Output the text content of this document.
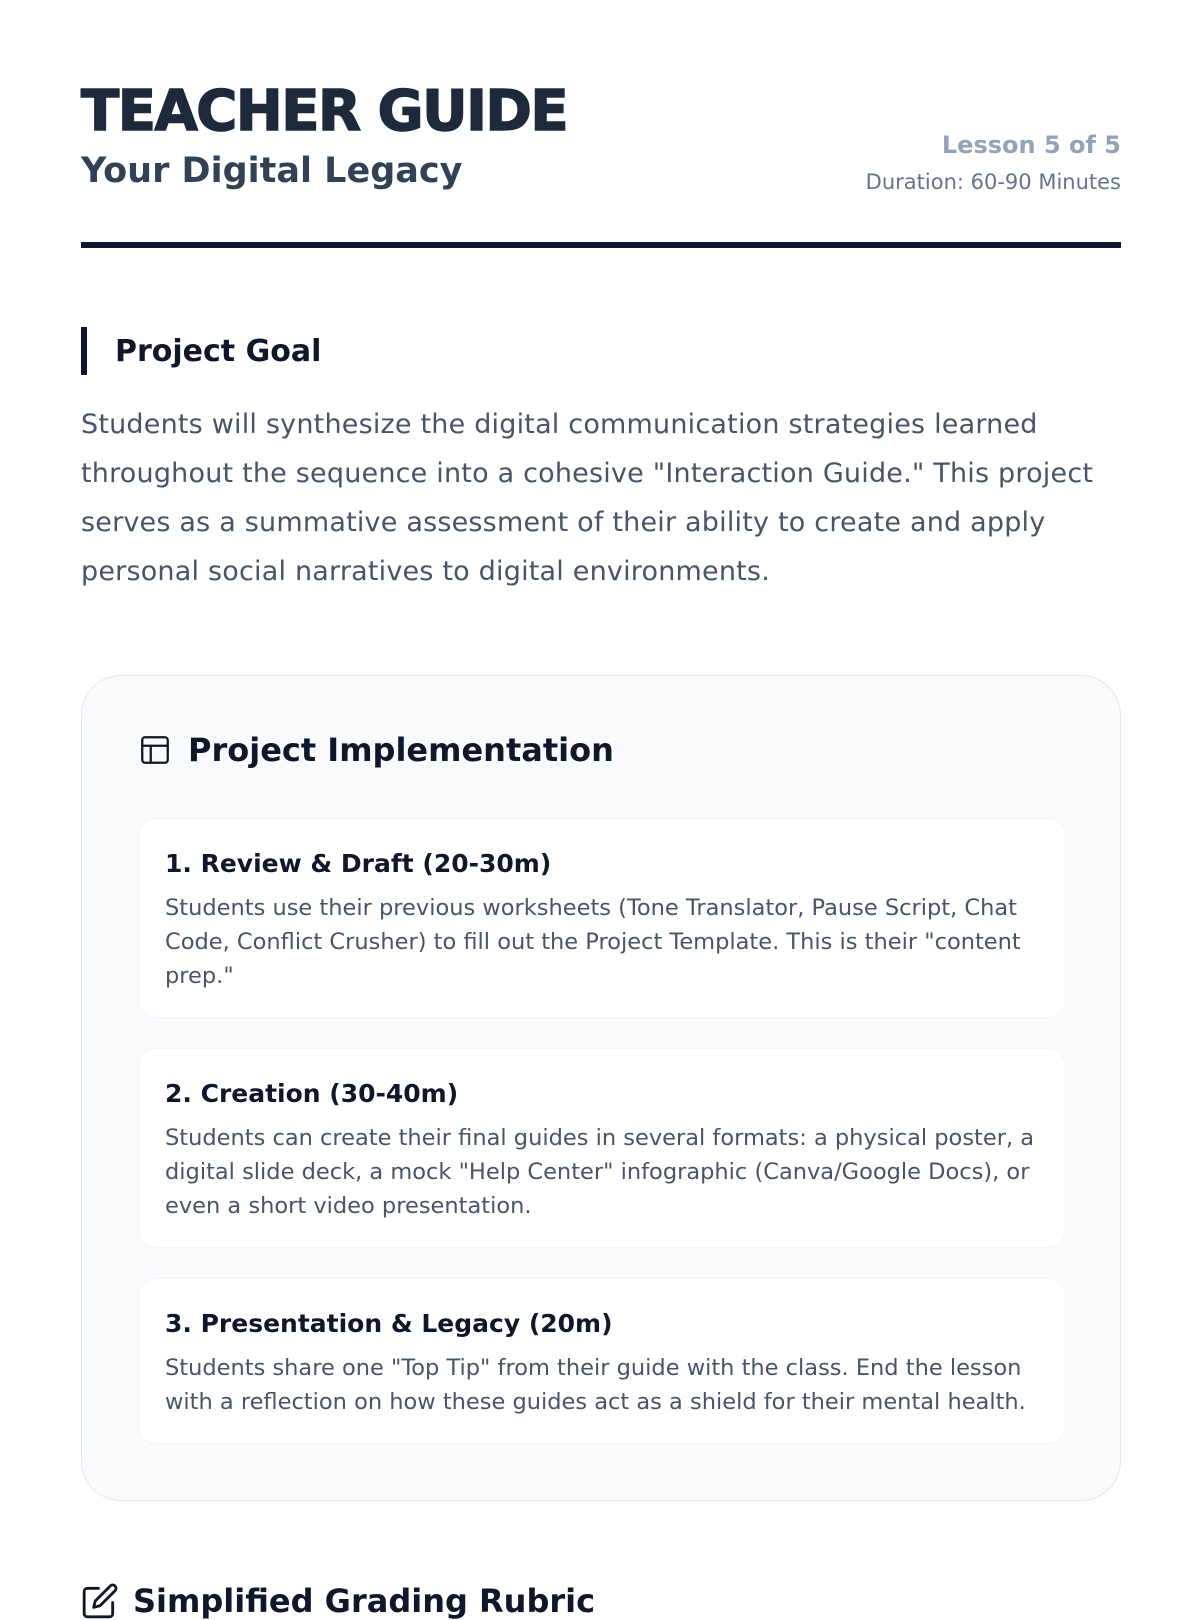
TEACHER GUIDE
Your Digital Legacy
Lesson 5 of 5
Duration: 60-90 Minutes
Project Goal

Students will synthesize the digital communication strategies learned throughout the sequence into a cohesive "Interaction Guide." This project serves as a summative assessment of their ability to create and apply personal social narratives to digital environments.

Project Implementation
1. Review & Draft (20-30m)
Students use their previous worksheets (Tone Translator, Pause Script, Chat Code, Conflict Crusher) to fill out the Project Template. This is their "content prep."
2. Creation (30-40m)
Students can create their final guides in several formats: a physical poster, a digital slide deck, a mock "Help Center" infographic (Canva/Google Docs), or even a short video presentation.
3. Presentation & Legacy (20m)
Students share one "Top Tip" from their guide with the class. End the lesson with a reflection on how these guides act as a shield for their mental health.
Simplified Grading Rubric
